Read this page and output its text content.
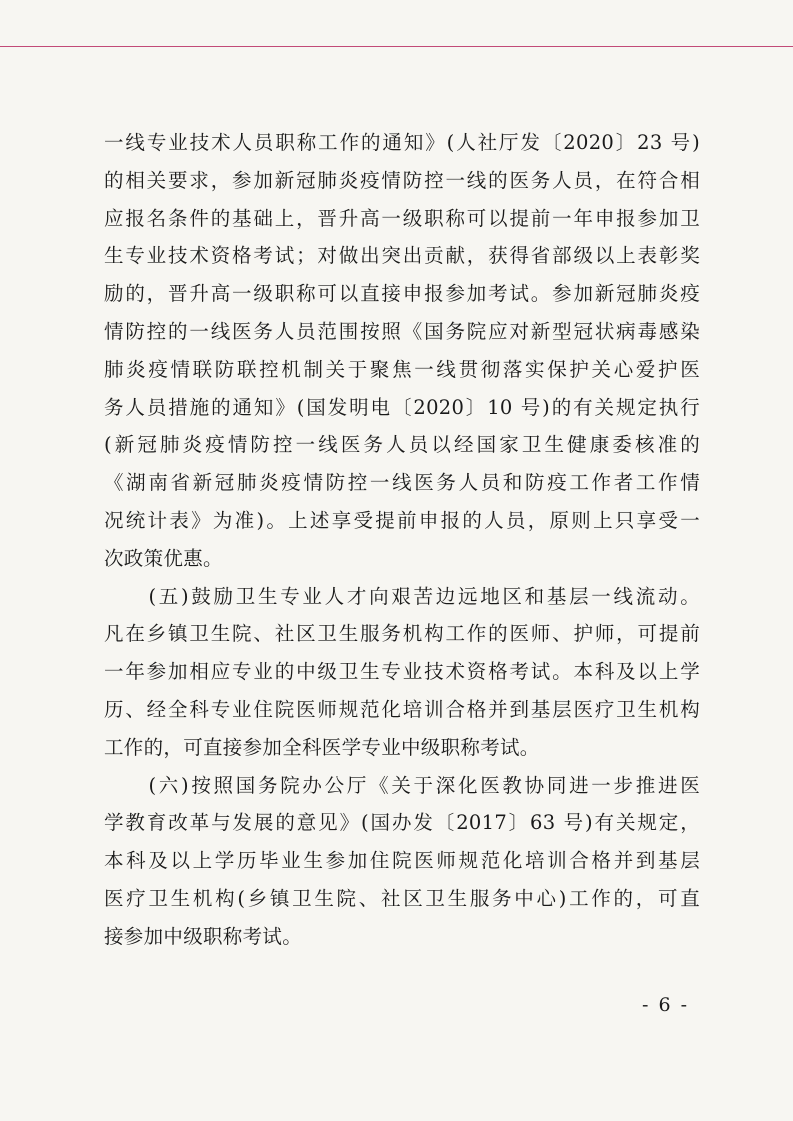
一线专业技术人员职称工作的通知》(人社厅发〔2020〕23 号)
的相关要求，参加新冠肺炎疫情防控一线的医务人员，在符合相
应报名条件的基础上，晋升高一级职称可以提前一年申报参加卫
生专业技术资格考试；对做出突出贡献，获得省部级以上表彰奖
励的，晋升高一级职称可以直接申报参加考试。参加新冠肺炎疫
情防控的一线医务人员范围按照《国务院应对新型冠状病毒感染
肺炎疫情联防联控机制关于聚焦一线贯彻落实保护关心爱护医
务人员措施的通知》(国发明电〔2020〕10 号)的有关规定执行
(新冠肺炎疫情防控一线医务人员以经国家卫生健康委核准的
《湖南省新冠肺炎疫情防控一线医务人员和防疫工作者工作情
况统计表》为准)。上述享受提前申报的人员，原则上只享受一
次政策优惠。
　　(五)鼓励卫生专业人才向艰苦边远地区和基层一线流动。
凡在乡镇卫生院、社区卫生服务机构工作的医师、护师，可提前
一年参加相应专业的中级卫生专业技术资格考试。本科及以上学
历、经全科专业住院医师规范化培训合格并到基层医疗卫生机构
工作的，可直接参加全科医学专业中级职称考试。
　　(六)按照国务院办公厅《关于深化医教协同进一步推进医
学教育改革与发展的意见》(国办发〔2017〕63 号)有关规定，
本科及以上学历毕业生参加住院医师规范化培训合格并到基层
医疗卫生机构(乡镇卫生院、社区卫生服务中心)工作的，可直
接参加中级职称考试。
- 6 -
